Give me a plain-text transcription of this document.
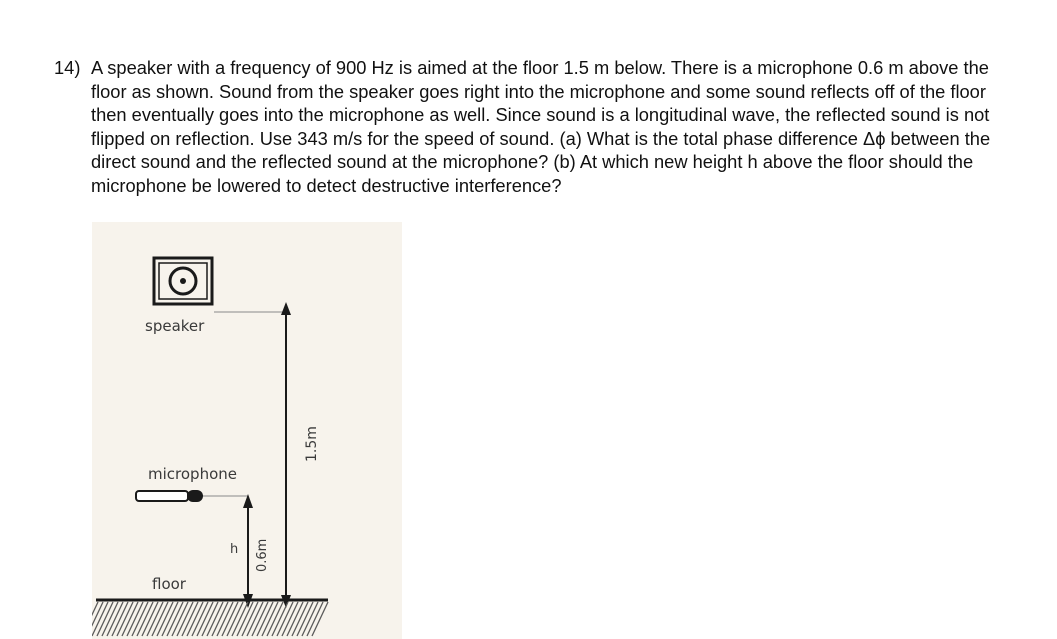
14) A speaker with a frequency of 900 Hz is aimed at the floor 1.5 m below. There is a microphone 0.6 m above the floor as shown. Sound from the speaker goes right into the microphone and some sound reflects off of the floor then eventually goes into the microphone as well. Since sound is a longitudinal wave, the reflected sound is not flipped on reflection. Use 343 m/s for the speed of sound. (a) What is the total phase difference Δϕ between the direct sound and the reflected sound at the microphone? (b) At which new height h above the floor should the microphone be lowered to detect destructive interference?
speaker
1.5m
microphone
0.6m
h
floor
